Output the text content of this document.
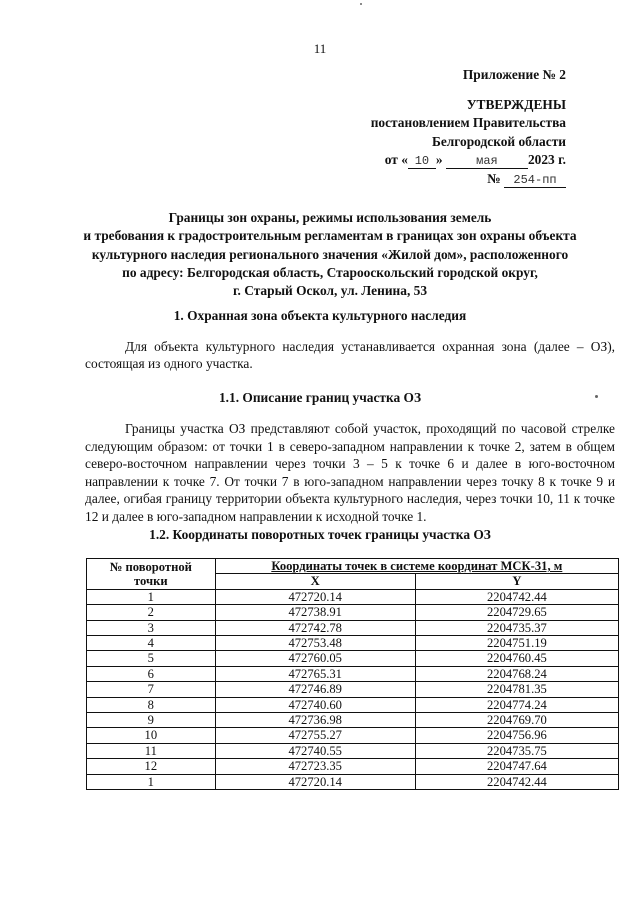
11
Приложение № 2
УТВЕРЖДЕНЫ
постановлением Правительства
Белгородской области
от « 10 »	мая 2023 г.
№ 254-пп
Границы зон охраны, режимы использования земель
и требования к градостроительным регламентам в границах зон охраны объекта
культурного наследия регионального значения «Жилой дом», расположенного
по адресу: Белгородская область, Старооскольский городской округ,
г. Старый Оскол, ул. Ленина, 53
1. Охранная зона объекта культурного наследия
Для объекта культурного наследия устанавливается охранная зона (далее – ОЗ), состоящая из одного участка.
1.1. Описание границ участка ОЗ
Границы участка ОЗ представляют собой участок, проходящий по часовой стрелке следующим образом: от точки 1 в северо-западном направлении к точке 2, затем в общем северо-восточном направлении через точки 3 – 5 к точке 6 и далее в юго-восточном направлении к точке 7. От точки 7 в юго-западном направлении через точку 8 к точке 9 и далее, огибая границу территории объекта культурного наследия, через точки 10, 11 к точке 12 и далее в юго-западном направлении к исходной точке 1.
1.2. Координаты поворотных точек границы участка ОЗ
№ поворотной
точки	Координаты точек в системе координат МСК-31, м	
	X	Y
1	472720.14	2204742.44
2	472738.91	2204729.65
3	472742.78	2204735.37
4	472753.48	2204751.19
5	472760.05	2204760.45
6	472765.31	2204768.24
7	472746.89	2204781.35
8	472740.60	2204774.24
9	472736.98	2204769.70
10	472755.27	2204756.96
11	472740.55	2204735.75
12	472723.35	2204747.64
1	472720.14	2204742.44
